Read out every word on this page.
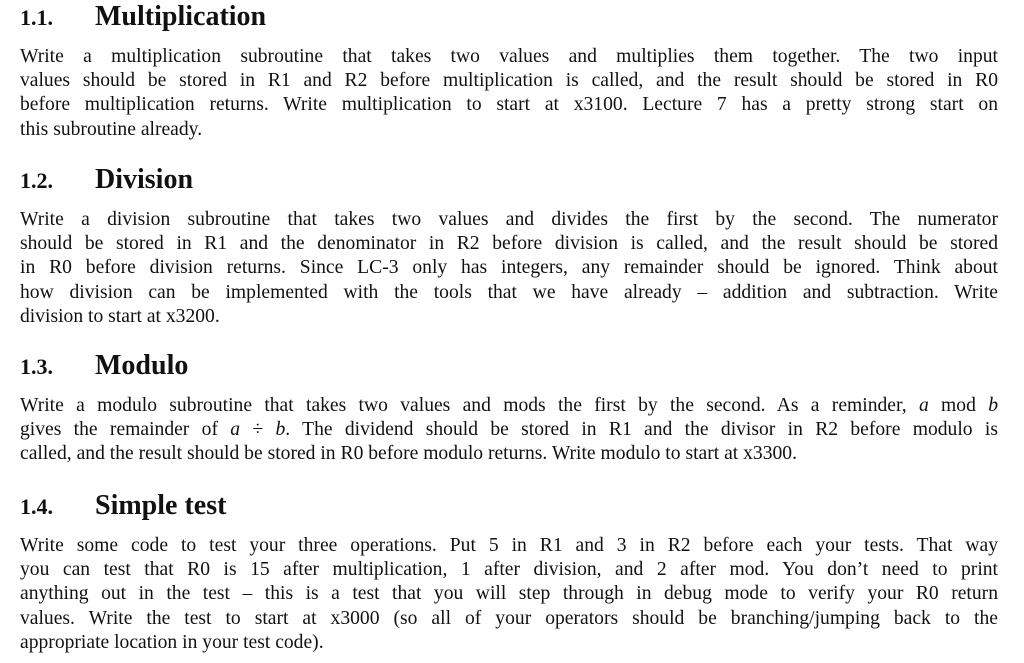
1.1.	Multiplication
Write a multiplication subroutine that takes two values and multiplies them together. The two input
values should be stored in R1 and R2 before multiplication is called, and the result should be stored in R0
before multiplication returns. Write multiplication to start at x3100. Lecture 7 has a pretty strong start on
this subroutine already.
1.2.	Division
Write a division subroutine that takes two values and divides the first by the second. The numerator
should be stored in R1 and the denominator in R2 before division is called, and the result should be stored
in R0 before division returns. Since LC-3 only has integers, any remainder should be ignored. Think about
how division can be implemented with the tools that we have already – addition and subtraction. Write
division to start at x3200.
1.3.	Modulo
Write a modulo subroutine that takes two values and mods the first by the second. As a reminder, a mod b
gives the remainder of a ÷ b. The dividend should be stored in R1 and the divisor in R2 before modulo is
called, and the result should be stored in R0 before modulo returns. Write modulo to start at x3300.
1.4.	Simple test
Write some code to test your three operations. Put 5 in R1 and 3 in R2 before each your tests. That way
you can test that R0 is 15 after multiplication, 1 after division, and 2 after mod. You don’t need to print
anything out in the test – this is a test that you will step through in debug mode to verify your R0 return
values. Write the test to start at x3000 (so all of your operators should be branching/jumping back to the
appropriate location in your test code).
